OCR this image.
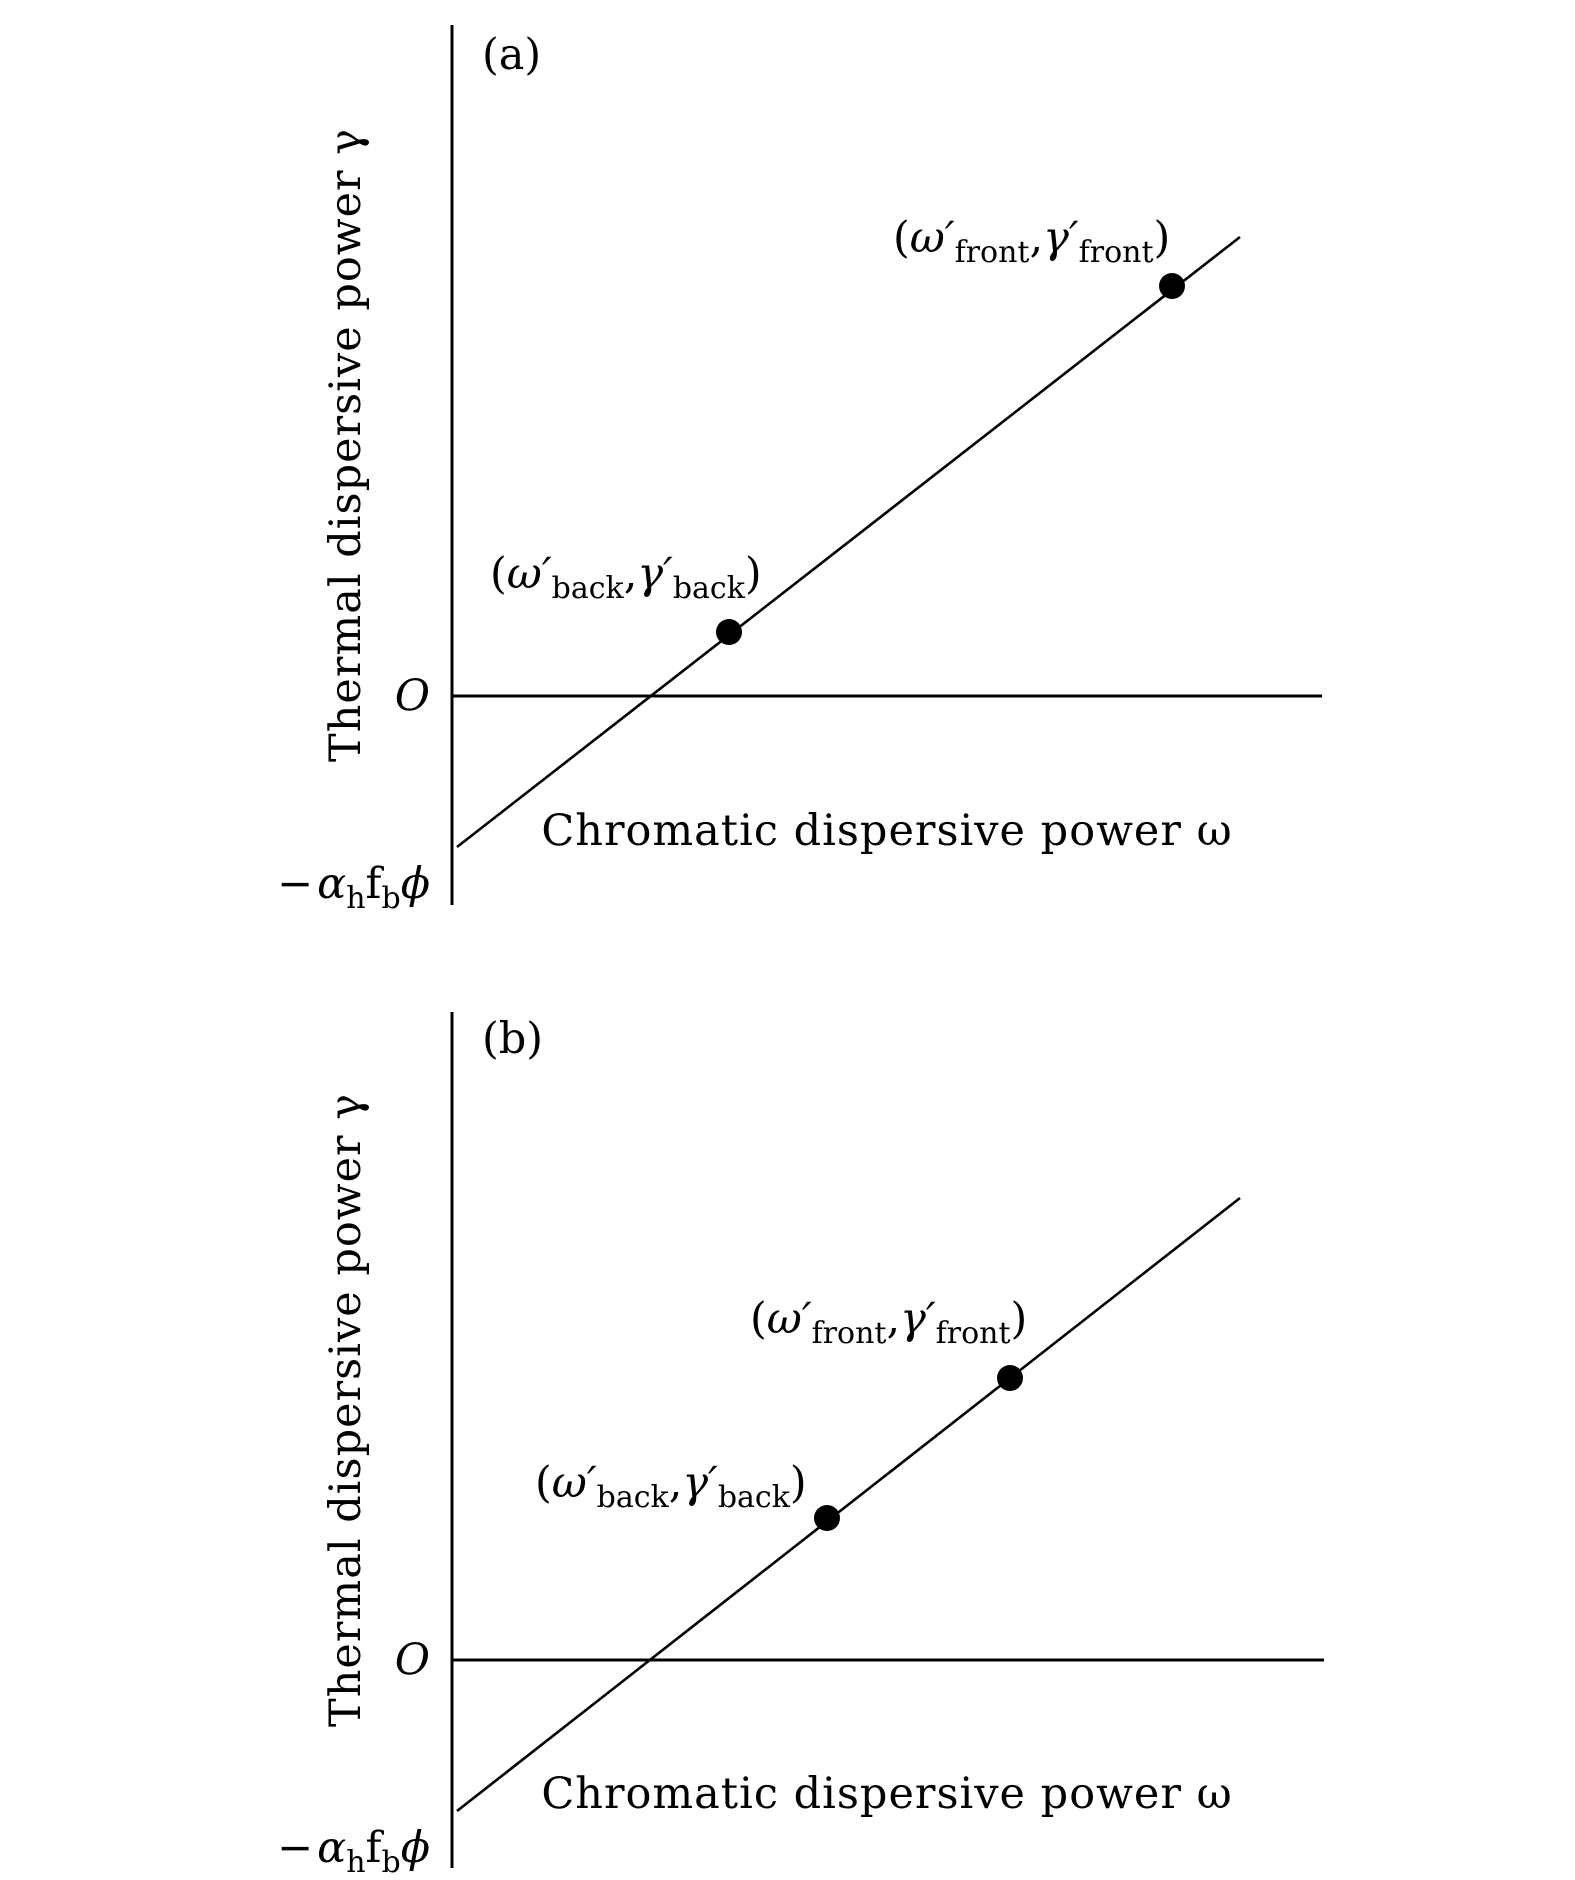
(a)
Thermal dispersive power γ
Chromatic dispersive power ω
O
$-\alpha_hf_b\phi$
$(\omega'_{back},\gamma'_{back})$
$(\omega'_{front},\gamma'_{front})$
(b)
Thermal dispersive power γ
Chromatic dispersive power ω
O
$-\alpha_hf_b\phi$
$(\omega'_{back},\gamma'_{back})$
$(\omega'_{front},\gamma'_{front})$
